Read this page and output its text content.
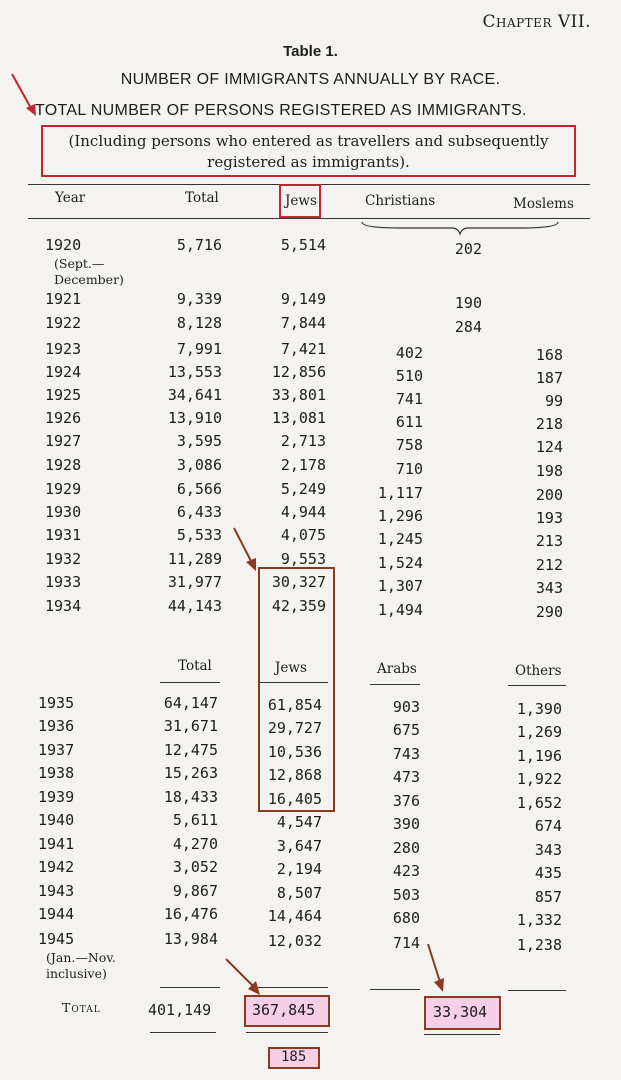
Chapter VII.
Table 1.
NUMBER OF IMMIGRANTS ANNUALLY BY RACE.
TOTAL NUMBER OF PERSONS REGISTERED AS IMMIGRANTS.
(Including persons who entered as travellers and subsequently
registered as immigrants).
Year	Total	Jews	Christians	Moslems
1920	5,716	5,514	202
(Sept.—
December)
1921	9,339	9,149	190
1922	8,128	7,844	284
1923	7,991	7,421	402	168
1924	13,553	12,856	510	187
1925	34,641	33,801	741	99
1926	13,910	13,081	611	218
1927	3,595	2,713	758	124
1928	3,086	2,178	710	198
1929	6,566	5,249	1,117	200
1930	6,433	4,944	1,296	193
1931	5,533	4,075	1,245	213
1932	11,289	9,553	1,524	212
1933	31,977	30,327	1,307	343
1934	44,143	42,359	1,494	290
Total	Jews	Arabs	Others
1935	64,147	61,854	903	1,390
1936	31,671	29,727	675	1,269
1937	12,475	10,536	743	1,196
1938	15,263	12,868	473	1,922
1939	18,433	16,405	376	1,652
1940	5,611	4,547	390	674
1941	4,270	3,647	280	343
1942	3,052	2,194	423	435
1943	9,867	8,507	503	857
1944	16,476	14,464	680	1,332
1945	13,984	12,032	714	1,238
(Jan.—Nov.
inclusive)
Total	401,149	367,845	33,304
185
